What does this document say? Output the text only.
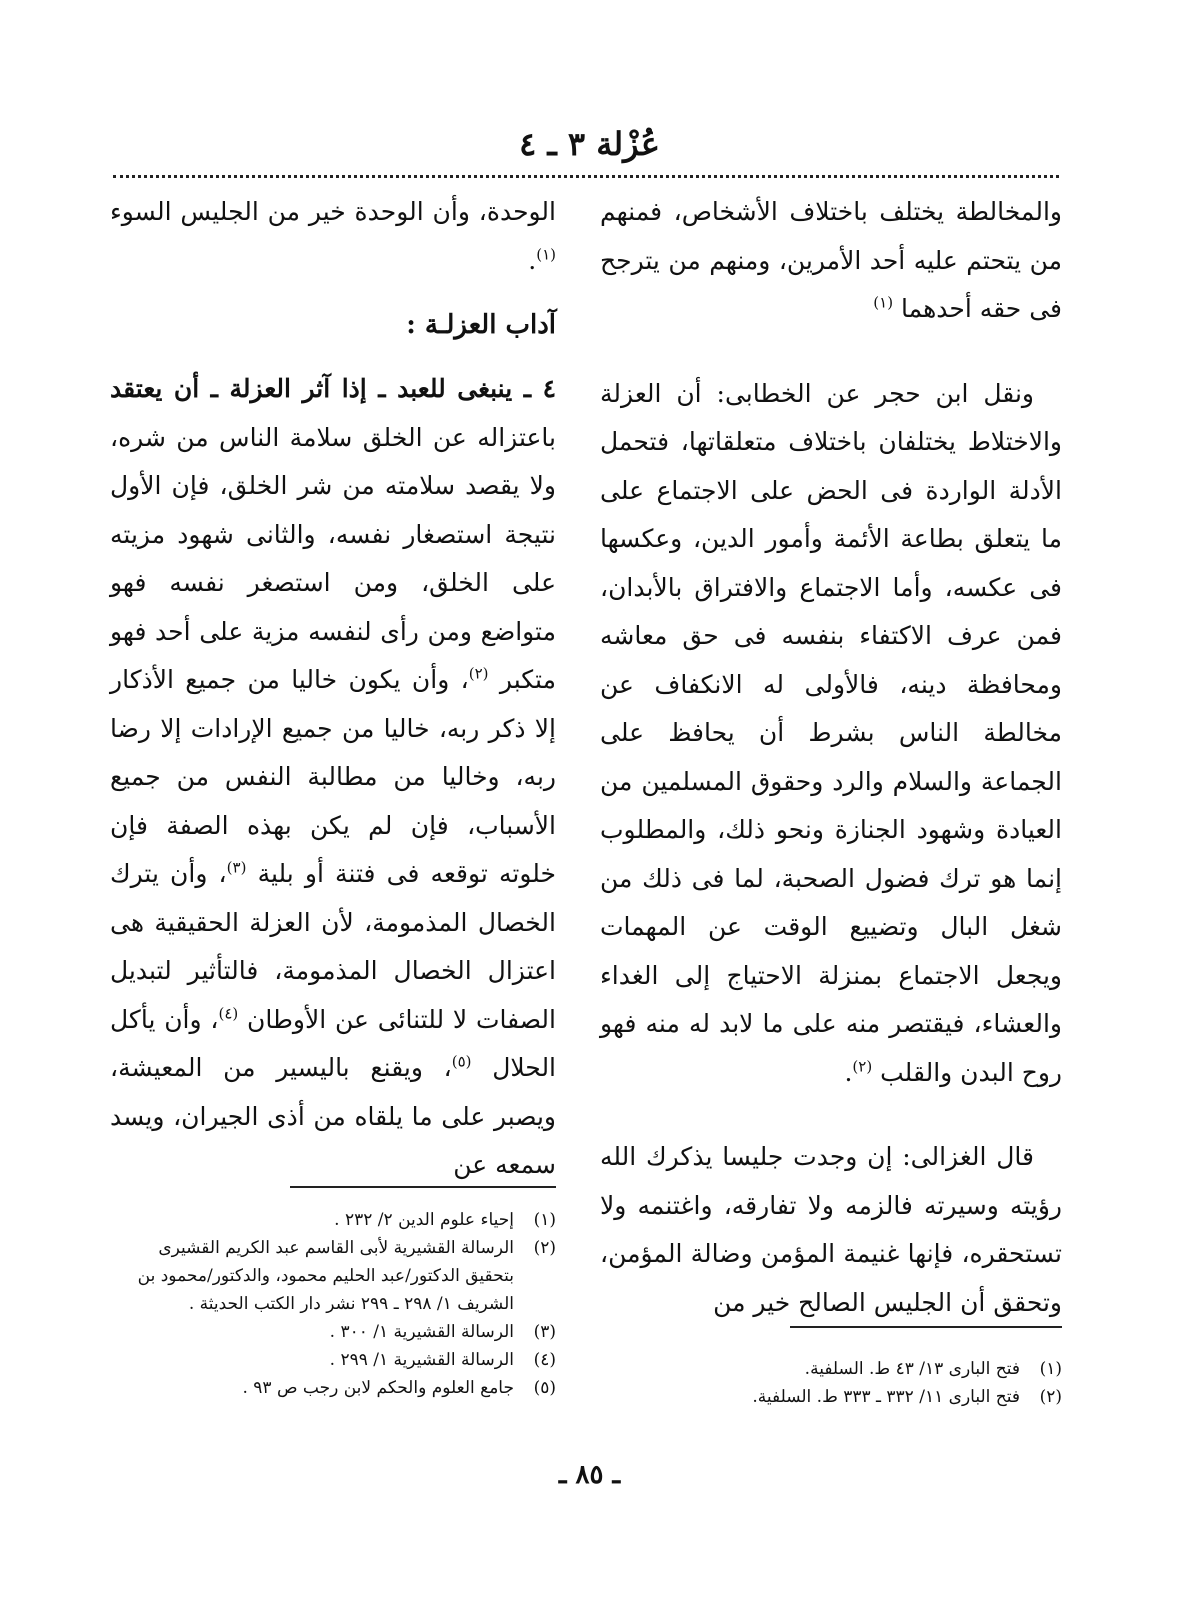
عُزْلة ٣ ـ ٤

والمخالطة يختلف باختلاف الأشخاص، فمنهم من يتحتم عليه أحد الأمرين، ومنهم من يترجح فى حقه أحدهما $^{(١)}$

ونقل ابن حجر عن الخطابى: أن العزلة والاختلاط يختلفان باختلاف متعلقاتها، فتحمل الأدلة الواردة فى الحض على الاجتماع على ما يتعلق بطاعة الأئمة وأمور الدين، وعكسها فى عكسه، وأما الاجتماع والافتراق بالأبدان، فمن عرف الاكتفاء بنفسه فى حق معاشه ومحافظة دينه، فالأولى له الانكفاف عن مخالطة الناس بشرط أن يحافظ على الجماعة والسلام والرد وحقوق المسلمين من العيادة وشهود الجنازة ونحو ذلك، والمطلوب إنما هو ترك فضول الصحبة، لما فى ذلك من شغل البال وتضييع الوقت عن المهمات ويجعل الاجتماع بمنزلة الاحتياج إلى الغداء والعشاء، فيقتصر منه على ما لابد له منه فهو روح البدن والقلب $^{(٢)}$.

قال الغزالى: إن وجدت جليسا يذكرك الله رؤيته وسيرته فالزمه ولا تفارقه، واغتنمه ولا تستحقره، فإنها غنيمة المؤمن وضالة المؤمن، وتحقق أن الجليس الصالح خير من

(١)
فتح البارى ١٣/ ٤٣ ط. السلفية.
(٢)
فتح البارى ١١/ ٣٣٢ ـ ٣٣٣ ط. السلفية.

الوحدة، وأن الوحدة خير من الجليس السوء $^{(١)}$.

آداب العزلـة :

٤ ـ ينبغى للعبد ـ إذا آثر العزلة ـ أن يعتقد باعتزاله عن الخلق سلامة الناس من شره، ولا يقصد سلامته من شر الخلق، فإن الأول نتيجة استصغار نفسه، والثانى شهود مزيته على الخلق، ومن استصغر نفسه فهو متواضع ومن رأى لنفسه مزية على أحد فهو متكبر $^{(٢)}$، وأن يكون خاليا من جميع الأذكار إلا ذكر ربه، خاليا من جميع الإرادات إلا رضا ربه، وخاليا من مطالبة النفس من جميع الأسباب، فإن لم يكن بهذه الصفة فإن خلوته توقعه فى فتنة أو بلية $^{(٣)}$، وأن يترك الخصال المذمومة، لأن العزلة الحقيقية هى اعتزال الخصال المذمومة، فالتأثير لتبديل الصفات لا للتنائى عن الأوطان $^{(٤)}$، وأن يأكل الحلال $^{(٥)}$، ويقنع باليسير من المعيشة، ويصبر على ما يلقاه من أذى الجيران، ويسد سمعه عن

(١)
إحياء علوم الدين ٢/ ٢٣٢ .
(٢)
الرسالة القشيرية لأبى القاسم عبد الكريم القشيرى بتحقيق الدكتور/عبد الحليم محمود، والدكتور/محمود بن الشريف ١/ ٢٩٨ ـ ٢٩٩ نشر دار الكتب الحديثة .
(٣)
الرسالة القشيرية ١/ ٣٠٠ .
(٤)
الرسالة القشيرية ١/ ٢٩٩ .
(٥)
جامع العلوم والحكم لابن رجب ص ٩٣ .
ـ ٨٥ ـ
